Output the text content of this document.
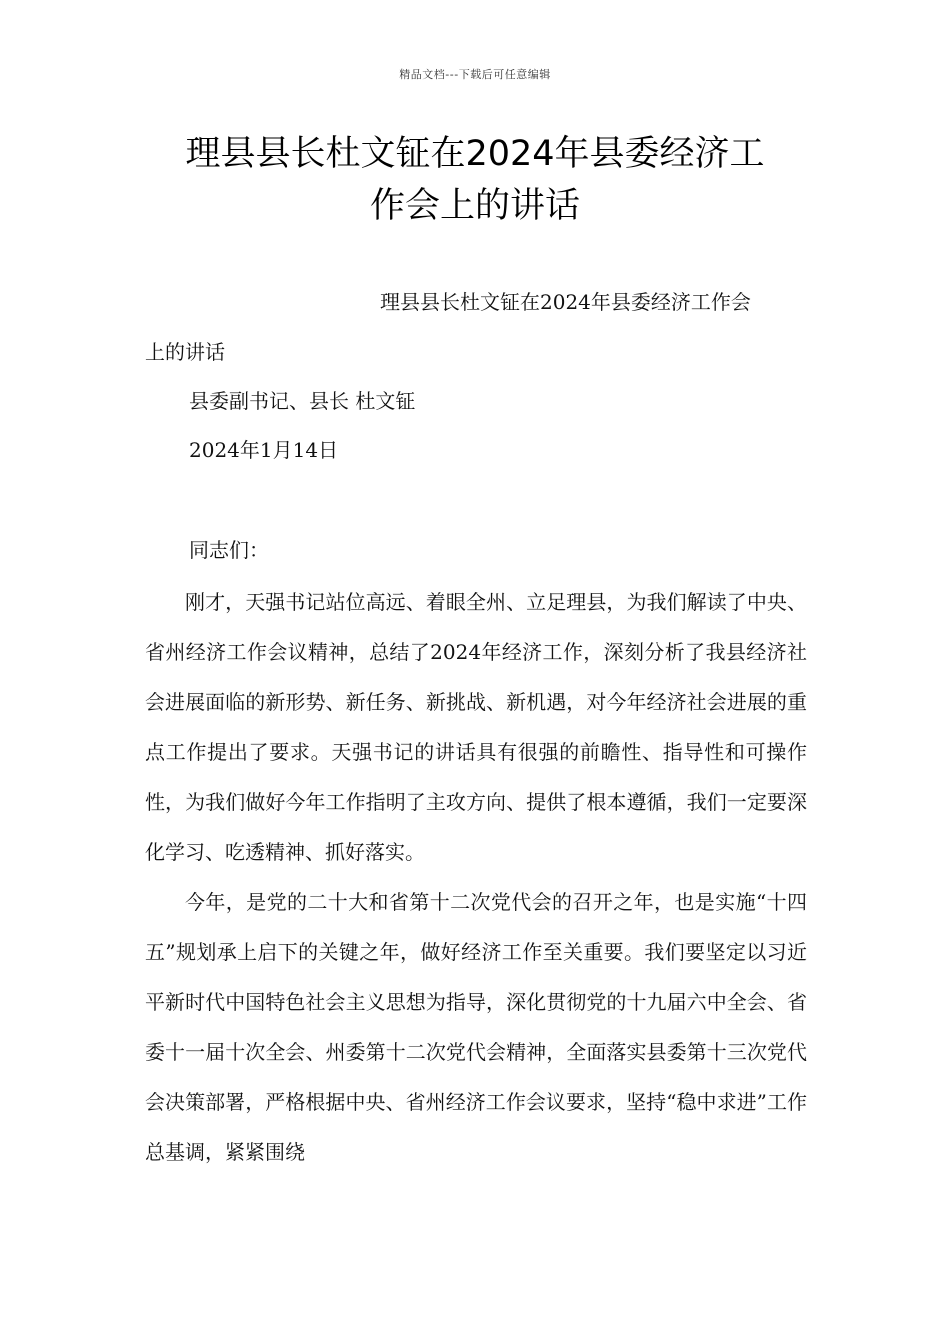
精品文档---下载后可任意编辑
理县县长杜文钲在2024年县委经济工
作会上的讲话
理县县长杜文钲在2024年县委经济工作会
上的讲话
县委副书记、县长 杜文钲
2024年1月14日
同志们：

刚才，天强书记站位高远、着眼全州、立足理县，为我们解读了中央、省州经济工作会议精神，总结了2024年经济工作，深刻分析了我县经济社会进展面临的新形势、新任务、新挑战、新机遇，对今年经济社会进展的重点工作提出了要求。天强书记的讲话具有很强的前瞻性、指导性和可操作性，为我们做好今年工作指明了主攻方向、提供了根本遵循，我们一定要深化学习、吃透精神、抓好落实。

今年，是党的二十大和省第十二次党代会的召开之年，也是实施“十四五”规划承上启下的关键之年，做好经济工作至关重要。我们要坚定以习近平新时代中国特色社会主义思想为指导，深化贯彻党的十九届六中全会、省委十一届十次全会、州委第十二次党代会精神，全面落实县委第十三次党代会决策部署，严格根据中央、省州经济工作会议要求，坚持“稳中求进”工作总基调，紧紧围绕
